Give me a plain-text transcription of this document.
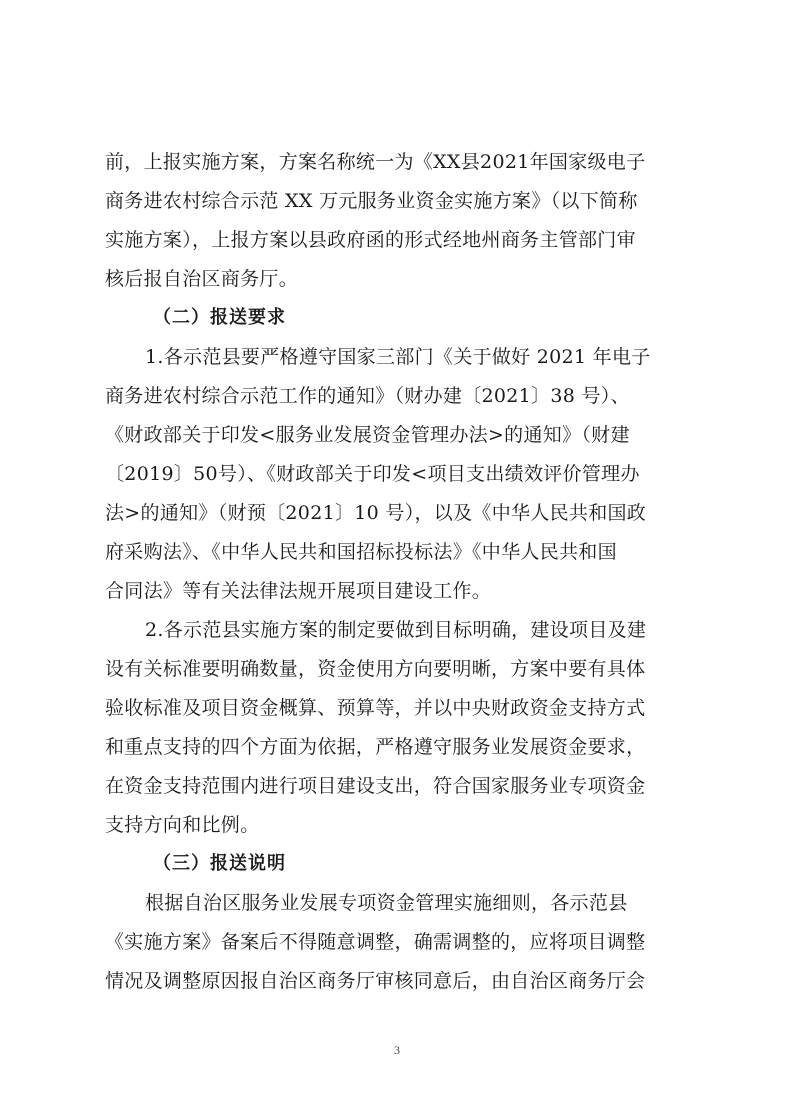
前，上报实施方案，方案名称统一为《XX县2021年国家级电子
商务进农村综合示范 XX 万元服务业资金实施方案》（以下简称
实施方案），上报方案以县政府函的形式经地州商务主管部门审
核后报自治区商务厅。
（二）报送要求
1.各示范县要严格遵守国家三部门《关于做好 2021 年电子
商务进农村综合示范工作的通知》（财办建〔2021〕38 号）、
《财政部关于印发<服务业发展资金管理办法>的通知》（财建
〔2019〕50号）、《财政部关于印发<项目支出绩效评价管理办
法>的通知》（财预〔2021〕10 号），以及《中华人民共和国政
府采购法》、《中华人民共和国招标投标法》《中华人民共和国
合同法》等有关法律法规开展项目建设工作。
2.各示范县实施方案的制定要做到目标明确，建设项目及建
设有关标准要明确数量，资金使用方向要明晰，方案中要有具体
验收标准及项目资金概算、预算等，并以中央财政资金支持方式
和重点支持的四个方面为依据，严格遵守服务业发展资金要求，
在资金支持范围内进行项目建设支出，符合国家服务业专项资金
支持方向和比例。
（三）报送说明
根据自治区服务业发展专项资金管理实施细则，各示范县
《实施方案》备案后不得随意调整，确需调整的，应将项目调整
情况及调整原因报自治区商务厅审核同意后，由自治区商务厅会
3
